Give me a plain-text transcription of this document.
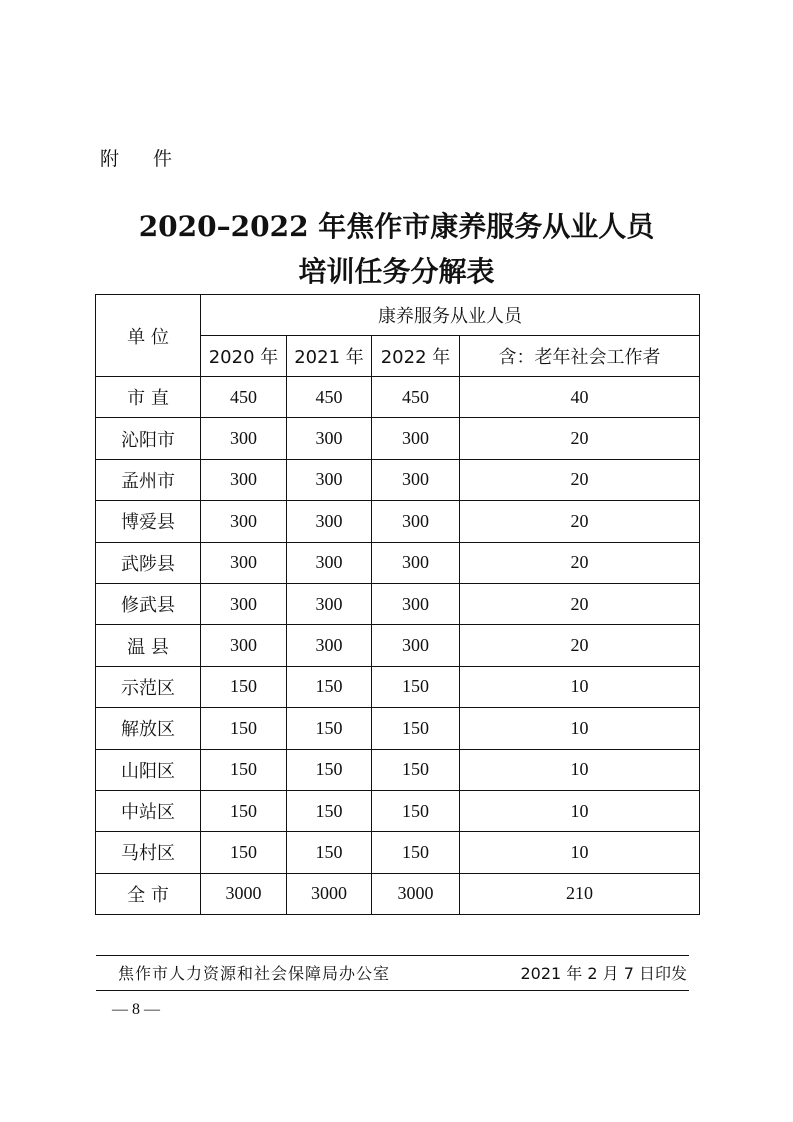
附 件
2020–2022 年焦作市康养服务从业人员
培训任务分解表
单 位	康养服务从业人员			
	2020 年	2021 年	2022 年	含：老年社会工作者
市 直	450	450	450	40
沁阳市	300	300	300	20
孟州市	300	300	300	20
博爱县	300	300	300	20
武陟县	300	300	300	20
修武县	300	300	300	20
温 县	300	300	300	20
示范区	150	150	150	10
解放区	150	150	150	10
山阳区	150	150	150	10
中站区	150	150	150	10
马村区	150	150	150	10
全 市	3000	3000	3000	210
焦作市人力资源和社会保障局办公室	2021 年 2 月 7 日印发
— 8 —
